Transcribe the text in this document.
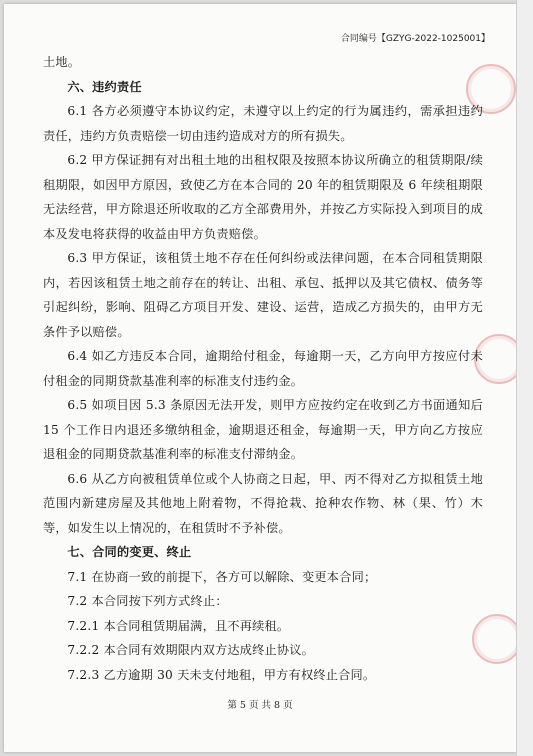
合同编号【GZYG-2022-1025001】

土地。

六、违约责任

6.1 各方必须遵守本协议约定，未遵守以上约定的行为属违约，需承担违约责任，违约方负责赔偿一切由违约造成对方的所有损失。

6.2 甲方保证拥有对出租土地的出租权限及按照本协议所确立的租赁期限/续租期限，如因甲方原因，致使乙方在本合同的 20 年的租赁期限及 6 年续租期限无法经营，甲方除退还所收取的乙方全部费用外，并按乙方实际投入到项目的成本及发电将获得的收益由甲方负责赔偿。

6.3 甲方保证，该租赁土地不存在任何纠纷或法律问题，在本合同租赁期限内，若因该租赁土地之前存在的转让、出租、承包、抵押以及其它债权、债务等引起纠纷，影响、阻碍乙方项目开发、建设、运营，造成乙方损失的，由甲方无条件予以赔偿。

6.4 如乙方违反本合同，逾期给付租金，每逾期一天，乙方向甲方按应付未付租金的同期贷款基准利率的标准支付违约金。

6.5 如项目因 5.3 条原因无法开发，则甲方应按约定在收到乙方书面通知后 15 个工作日内退还多缴纳租金，逾期退还租金，每逾期一天，甲方向乙方按应退租金的同期贷款基准利率的标准支付滞纳金。

6.6 从乙方向被租赁单位或个人协商之日起，甲、丙不得对乙方拟租赁土地范围内新建房屋及其他地上附着物，不得抢栽、抢种农作物、林（果、竹）木等，如发生以上情况的，在租赁时不予补偿。

七、合同的变更、终止

7.1 在协商一致的前提下，各方可以解除、变更本合同；

7.2 本合同按下列方式终止：

7.2.1 本合同租赁期届满，且不再续租。

7.2.2 本合同有效期限内双方达成终止协议。

7.2.3 乙方逾期 30 天未支付地租，甲方有权终止合同。

第 5 页 共 8 页
